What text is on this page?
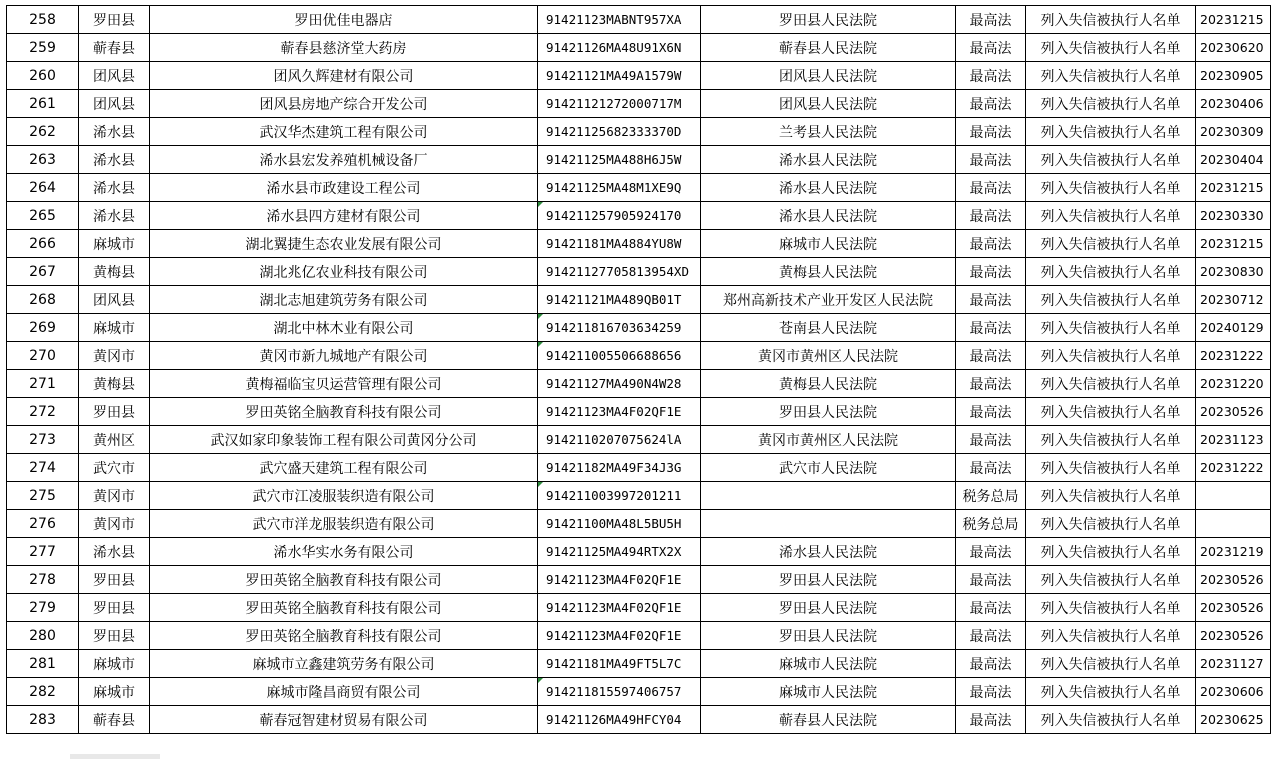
258	罗田县	罗田优佳电器店	91421123MABNT957XA	罗田县人民法院	最高法	列入失信被执行人名单	20231215
259	蕲春县	蕲春县慈济堂大药房	91421126MA48U91X6N	蕲春县人民法院	最高法	列入失信被执行人名单	20230620
260	团风县	团风久辉建材有限公司	91421121MA49A1579W	团风县人民法院	最高法	列入失信被执行人名单	20230905
261	团风县	团风县房地产综合开发公司	91421121272000717M	团风县人民法院	最高法	列入失信被执行人名单	20230406
262	浠水县	武汉华杰建筑工程有限公司	91421125682333370D	兰考县人民法院	最高法	列入失信被执行人名单	20230309
263	浠水县	浠水县宏发养殖机械设备厂	91421125MA488H6J5W	浠水县人民法院	最高法	列入失信被执行人名单	20230404
264	浠水县	浠水县市政建设工程公司	91421125MA48M1XE9Q	浠水县人民法院	最高法	列入失信被执行人名单	20231215
265	浠水县	浠水县四方建材有限公司	914211257905924170	浠水县人民法院	最高法	列入失信被执行人名单	20230330
266	麻城市	湖北翼捷生态农业发展有限公司	91421181MA4884YU8W	麻城市人民法院	最高法	列入失信被执行人名单	20231215
267	黄梅县	湖北兆亿农业科技有限公司	91421127705813954XD	黄梅县人民法院	最高法	列入失信被执行人名单	20230830
268	团风县	湖北志旭建筑劳务有限公司	91421121MA489QB01T	郑州高新技术产业开发区人民法院	最高法	列入失信被执行人名单	20230712
269	麻城市	湖北中林木业有限公司	914211816703634259	苍南县人民法院	最高法	列入失信被执行人名单	20240129
270	黄冈市	黄冈市新九城地产有限公司	914211005506688656	黄冈市黄州区人民法院	最高法	列入失信被执行人名单	20231222
271	黄梅县	黄梅福临宝贝运营管理有限公司	91421127MA490N4W28	黄梅县人民法院	最高法	列入失信被执行人名单	20231220
272	罗田县	罗田英铭全脑教育科技有限公司	91421123MA4F02QF1E	罗田县人民法院	最高法	列入失信被执行人名单	20230526
273	黄州区	武汉如家印象装饰工程有限公司黄冈分公司	9142110207075624lA	黄冈市黄州区人民法院	最高法	列入失信被执行人名单	20231123
274	武穴市	武穴盛天建筑工程有限公司	91421182MA49F34J3G	武穴市人民法院	最高法	列入失信被执行人名单	20231222
275	黄冈市	武穴市江凌服装织造有限公司	914211003997201211		税务总局	列入失信被执行人名单	
276	黄冈市	武穴市洋龙服装织造有限公司	91421100MA48L5BU5H		税务总局	列入失信被执行人名单	
277	浠水县	浠水华实水务有限公司	91421125MA494RTX2X	浠水县人民法院	最高法	列入失信被执行人名单	20231219
278	罗田县	罗田英铭全脑教育科技有限公司	91421123MA4F02QF1E	罗田县人民法院	最高法	列入失信被执行人名单	20230526
279	罗田县	罗田英铭全脑教育科技有限公司	91421123MA4F02QF1E	罗田县人民法院	最高法	列入失信被执行人名单	20230526
280	罗田县	罗田英铭全脑教育科技有限公司	91421123MA4F02QF1E	罗田县人民法院	最高法	列入失信被执行人名单	20230526
281	麻城市	麻城市立鑫建筑劳务有限公司	91421181MA49FT5L7C	麻城市人民法院	最高法	列入失信被执行人名单	20231127
282	麻城市	麻城市隆昌商贸有限公司	914211815597406757	麻城市人民法院	最高法	列入失信被执行人名单	20230606
283	蕲春县	蕲春冠智建材贸易有限公司	91421126MA49HFCY04	蕲春县人民法院	最高法	列入失信被执行人名单	20230625
